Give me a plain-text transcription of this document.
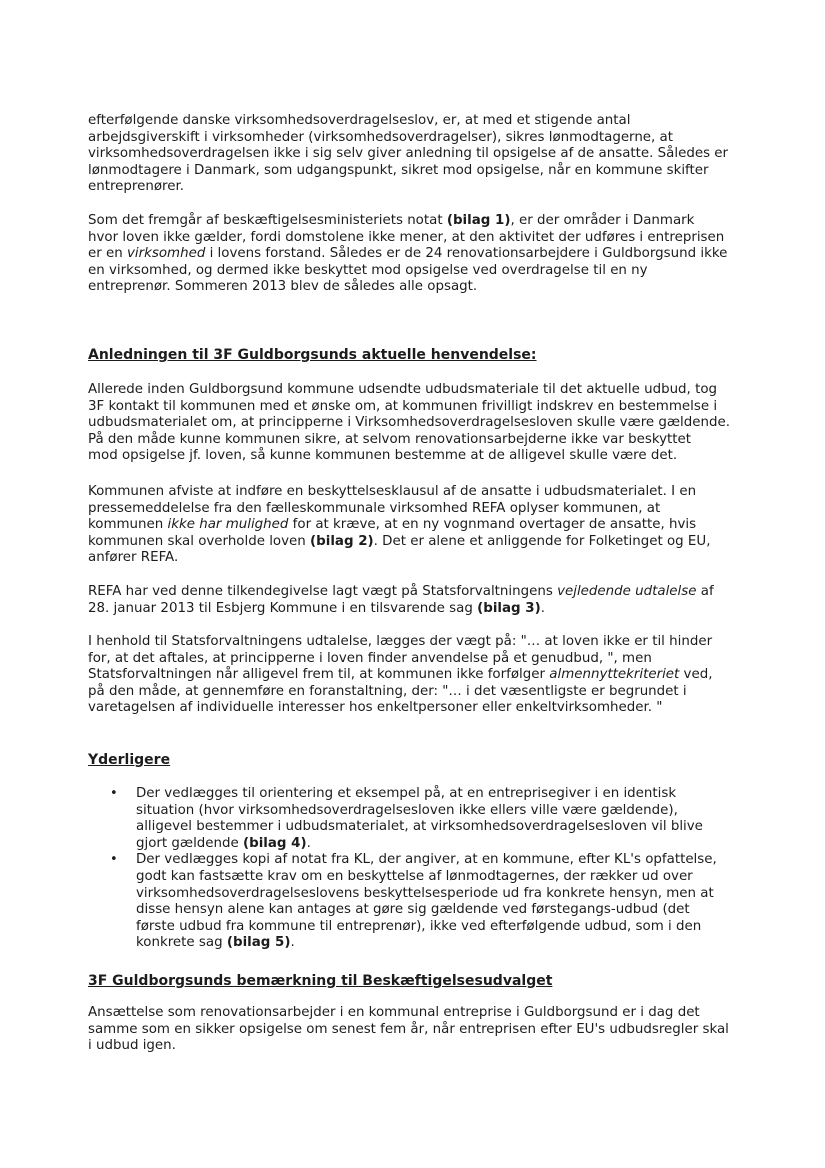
efterfølgende danske virksomhedsoverdragelseslov, er, at med et stigende antal
arbejdsgiverskift i virksomheder (virksomhedsoverdragelser), sikres lønmodtagerne, at
virksomhedsoverdragelsen ikke i sig selv giver anledning til opsigelse af de ansatte. Således er
lønmodtagere i Danmark, som udgangspunkt, sikret mod opsigelse, når en kommune skifter
entreprenører.

Som det fremgår af beskæftigelsesministeriets notat (bilag 1), er der områder i Danmark
hvor loven ikke gælder, fordi domstolene ikke mener, at den aktivitet der udføres i entreprisen
er en virksomhed i lovens forstand. Således er de 24 renovationsarbejdere i Guldborgsund ikke
en virksomhed, og dermed ikke beskyttet mod opsigelse ved overdragelse til en ny
entreprenør. Sommeren 2013 blev de således alle opsagt.

Anledningen til 3F Guldborgsunds aktuelle henvendelse:

Allerede inden Guldborgsund kommune udsendte udbudsmateriale til det aktuelle udbud, tog
3F kontakt til kommunen med et ønske om, at kommunen frivilligt indskrev en bestemmelse i
udbudsmaterialet om, at principperne i Virksomhedsoverdragelsesloven skulle være gældende.
På den måde kunne kommunen sikre, at selvom renovationsarbejderne ikke var beskyttet
mod opsigelse jf. loven, så kunne kommunen bestemme at de alligevel skulle være det.

Kommunen afviste at indføre en beskyttelsesklausul af de ansatte i udbudsmaterialet. I en
pressemeddelelse fra den fælleskommunale virksomhed REFA oplyser kommunen, at
kommunen ikke har mulighed for at kræve, at en ny vognmand overtager de ansatte, hvis
kommunen skal overholde loven (bilag 2). Det er alene et anliggende for Folketinget og EU,
anfører REFA.

REFA har ved denne tilkendegivelse lagt vægt på Statsforvaltningens vejledende udtalelse af
28. januar 2013 til Esbjerg Kommune i en tilsvarende sag (bilag 3).

I henhold til Statsforvaltningens udtalelse, lægges der vægt på: "… at loven ikke er til hinder
for, at det aftales, at principperne i loven finder anvendelse på et genudbud, ", men
Statsforvaltningen når alligevel frem til, at kommunen ikke forfølger almennyttekriteriet ved,
på den måde, at gennemføre en foranstaltning, der: "… i det væsentligste er begrundet i
varetagelsen af individuelle interesser hos enkeltpersoner eller enkeltvirksomheder. "

Yderligere
• Der vedlægges til orientering et eksempel på, at en entreprisegiver i en identisk
situation (hvor virksomhedsoverdragelsesloven ikke ellers ville være gældende),
alligevel bestemmer i udbudsmaterialet, at virksomhedsoverdragelsesloven vil blive
gjort gældende (bilag 4).
• Der vedlægges kopi af notat fra KL, der angiver, at en kommune, efter KL's opfattelse,
godt kan fastsætte krav om en beskyttelse af lønmodtagernes, der rækker ud over
virksomhedsoverdragelseslovens beskyttelsesperiode ud fra konkrete hensyn, men at
disse hensyn alene kan antages at gøre sig gældende ved førstegangs-udbud (det
første udbud fra kommune til entreprenør), ikke ved efterfølgende udbud, som i den
konkrete sag (bilag 5).
3F Guldborgsunds bemærkning til Beskæftigelsesudvalget

Ansættelse som renovationsarbejder i en kommunal entreprise i Guldborgsund er i dag det
samme som en sikker opsigelse om senest fem år, når entreprisen efter EU's udbudsregler skal
i udbud igen.
